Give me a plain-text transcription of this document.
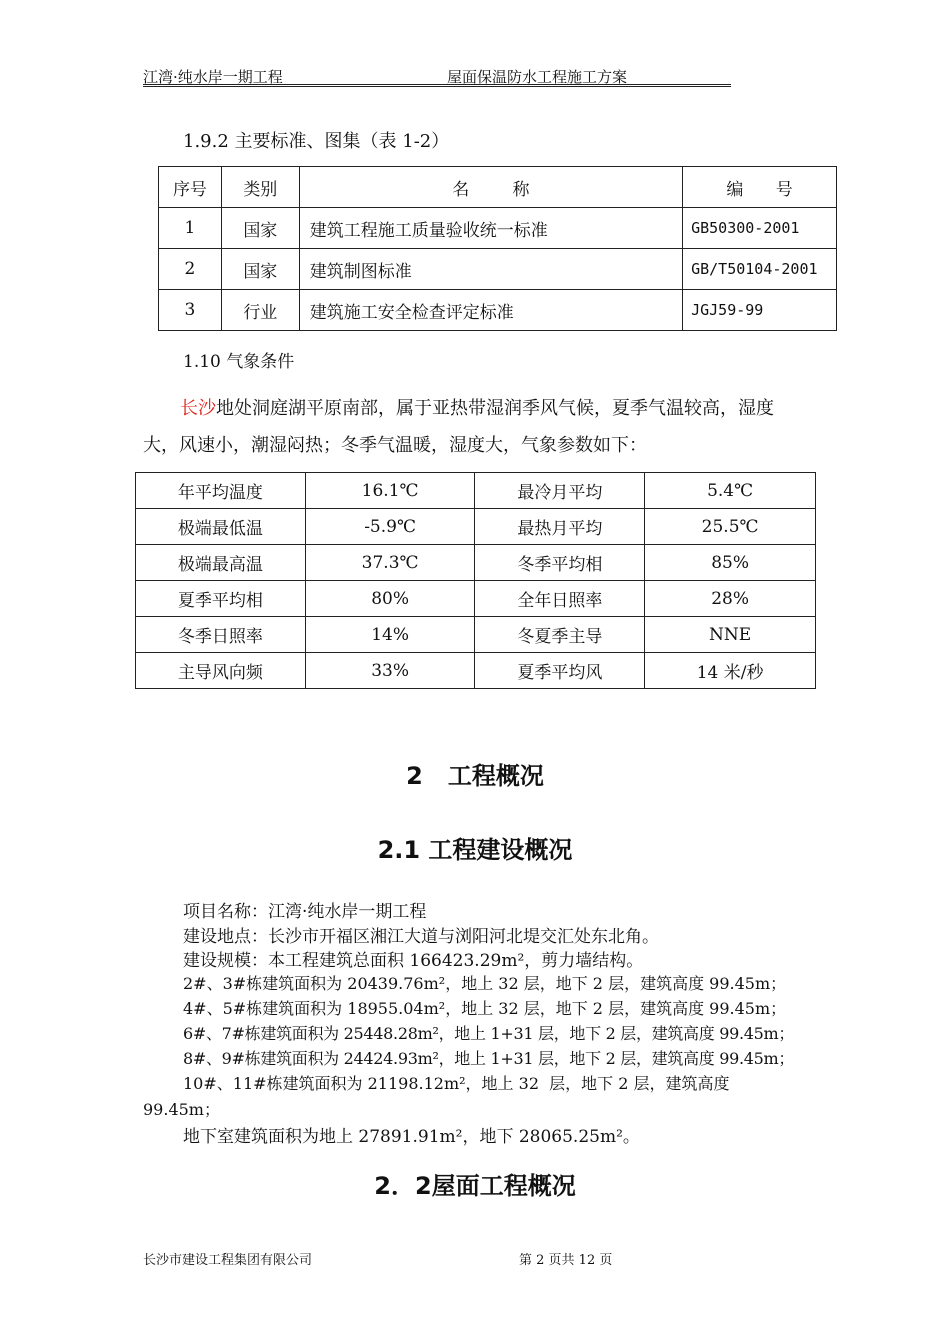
江湾·纯水岸一期工程	屋面保温防水工程施工方案
1.9.2 主要标准、图集（表 1-2）
序号	类别	名        称	编      号
1	国家	建筑工程施工质量验收统一标准	GB50300-2001
2	国家	建筑制图标准	GB/T50104-2001
3	行业	建筑施工安全检查评定标准	JGJ59-99
1.10 气象条件
长沙地处洞庭湖平原南部，属于亚热带湿润季风气候，夏季气温较高，湿度
大，风速小，潮湿闷热；冬季气温暖，湿度大，气象参数如下：
年平均温度	16.1℃	最冷月平均	5.4℃
极端最低温	-5.9℃	最热月平均	25.5℃
极端最高温	37.3℃	冬季平均相	85%
夏季平均相	80%	全年日照率	28%
冬季日照率	14%	冬夏季主导	NNE
主导风向频	33%	夏季平均风	14 米/秒
2   工程概况
2.1 工程建设概况
项目名称：江湾·纯水岸一期工程
建设地点：长沙市开福区湘江大道与浏阳河北堤交汇处东北角。
建设规模：本工程建筑总面积 166423.29m²，剪力墙结构。
2#、3#栋建筑面积为 20439.76m²，地上 32 层，地下 2 层，建筑高度 99.45m；
4#、5#栋建筑面积为 18955.04m²，地上 32 层，地下 2 层，建筑高度 99.45m；
6#、7#栋建筑面积为 25448.28m²，地上 1+31 层，地下 2 层，建筑高度 99.45m；
8#、9#栋建筑面积为 24424.93m²，地上 1+31 层，地下 2 层，建筑高度 99.45m；
10#、11#栋建筑面积为 21198.12m²，地上 32  层，地下 2 层，建筑高度
99.45m；
地下室建筑面积为地上 27891.91m²，地下 28065.25m²。
2．2屋面工程概况
长沙市建设工程集团有限公司	第 2 页共 12 页
